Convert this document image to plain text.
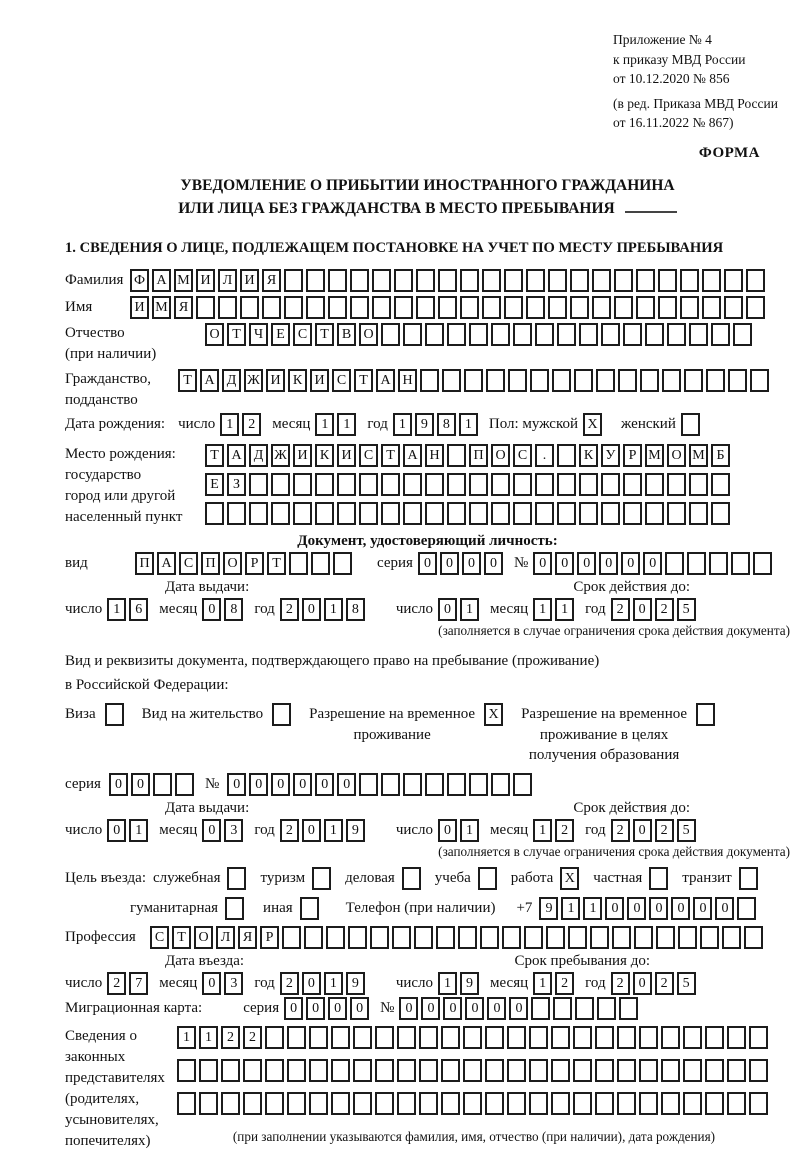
Приложение № 4
к приказу МВД России
от 10.12.2020 № 856
(в ред. Приказа МВД России
от 16.11.2022 № 867)
ФОРМА
УВЕДОМЛЕНИЕ О ПРИБЫТИИ ИНОСТРАННОГО ГРАЖДАНИНА
ИЛИ ЛИЦА БЕЗ ГРАЖДАНСТВА В МЕСТО ПРЕБЫВАНИЯ
1. СВЕДЕНИЯ О ЛИЦЕ, ПОДЛЕЖАЩЕМ ПОСТАНОВКЕ НА УЧЕТ ПО МЕСТУ ПРЕБЫВАНИЯ
Фамилия Ф А М И Л И Я
Имя	И М Я
Отчество
(при наличии)
О Т Ч Е С Т В О
Гражданство,
подданство
Т А Д Ж И К И С Т А Н
Дата рождения: число 1 2	месяц 1 1	год 1 9 8 1	Пол: мужской X	женский
Место рождения:
государство
город или другой
населенный пункт
Т А Д Ж И К И С Т А Н П О С .	К У Р М О М Б
Е З
Документ, удостоверяющий личность:
вид	П А С П О Р Т	серия 0 0 0 0	№ 0 0 0 0 0 0
Дата выдачи:	Срок действия до:
число 1 6	месяц 0 8	год 2 0 1 8	число 0 1	месяц 1 1	год 2 0 2 5
(заполняется в случае ограничения срока действия документа)
Вид и реквизиты документа, подтверждающего право на пребывание (проживание)
в Российской Федерации:
Виза	Вид на жительство	Разрешение на временное
проживание
X	Разрешение на временное
проживание в целях
получения образования
серия	0 0	№	0 0 0 0 0 0
Дата выдачи:	Срок действия до:
число 0 1	месяц 0 3	год 2 0 1 9	число 0 1	месяц 1 2	год 2 0 2 5
(заполняется в случае ограничения срока действия документа)
Цель въезда: служебная	туризм	деловая	учеба	работа X	частная	транзит
гуманитарная	иная	Телефон (при наличии) +7 9 1 1 0 0 0 0 0 0
Профессия	С Т О Л Я Р
Дата въезда:	Срок пребывания до:
число 2 7	месяц 0 3	год 2 0 1 9	число 1 9	месяц 1 2	год 2 0 2 5
Миграционная карта:	серия 0 0 0 0	№ 0 0 0 0 0 0
Сведения о
законных
представителях
(родителях,
усыновителях,
попечителях)
1 1 2 2
(при заполнении указываются фамилия, имя, отчество (при наличии), дата рождения)
